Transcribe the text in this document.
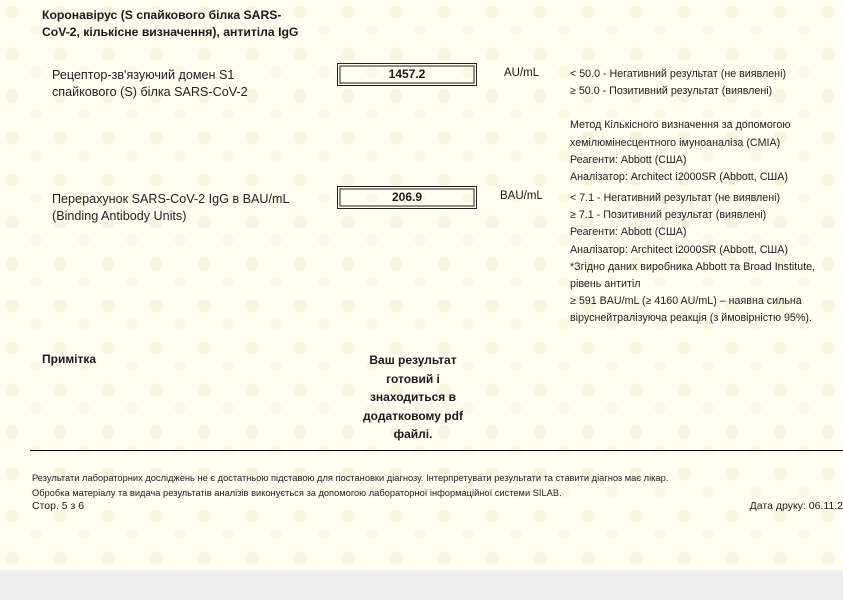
Коронавірус (S спайкового білка SARS-CoV-2, кількісне визначення), антитіла IgG
Рецептор-зв'язуючий домен S1 спайкового (S) білка SARS-CoV-2
1457.2	AU/mL	< 50.0 - Негативний результат (не виявлені)
≥ 50.0 - Позитивний результат (виявлені)
Метод Кількісного визначення за допомогою хемілюмінесцентного імуноаналіза (CMIA)
Реагенти: Abbott (США)
Аналізатор: Architect i2000SR (Abbott, США)
Перерахунок SARS-CoV-2 IgG в BAU/mL (Binding Antibody Units)
206.9	BAU/mL	< 7.1 - Негативний результат (не виявлені)
≥ 7.1 - Позитивний результат (виявлені)
Реагенти: Abbott (США)
Аналізатор: Architect i2000SR (Abbott, США)
*Згідно даних виробника Abbott та Broad Institute, рівень антитіл
≥ 591 BAU/mL (≥ 4160 AU/mL) – наявна сильна віруснейтралізуюча реакція (з ймовірністю 95%).
Примітка	Ваш результат готовий і знаходиться в додатковому pdf файлі.
Результати лабораторних досліджень не є достатньою підставою для постановки діагнозу. Інтерпретувати результати та ставити діагноз має лікар.
Обробка матеріалу та видача результатів аналізів виконується за допомогою лабораторної інформаційної системи SILAB.
Стор. 5 з 6	Дата друку: 06.11.2
